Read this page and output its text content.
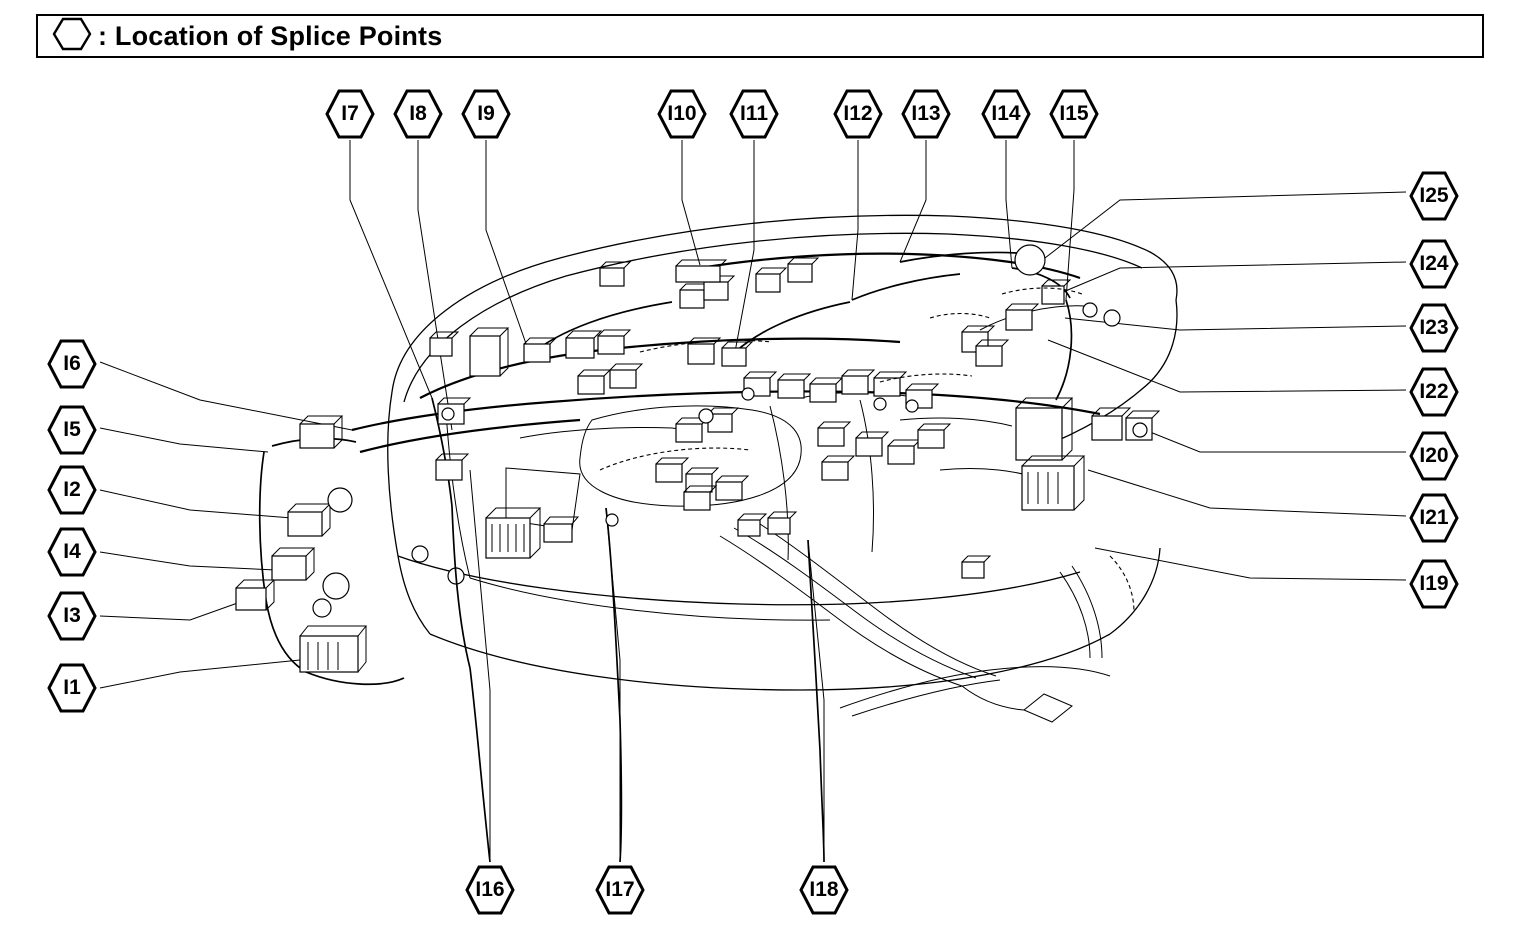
: Location of Splice Points
I7	I8	I9	I10	I11	I12	I13	I14	I15
I25
I24
I23
I22
I20
I21
I19
I6
I5
I2
I4
I3
I1
I16	I17	I18
